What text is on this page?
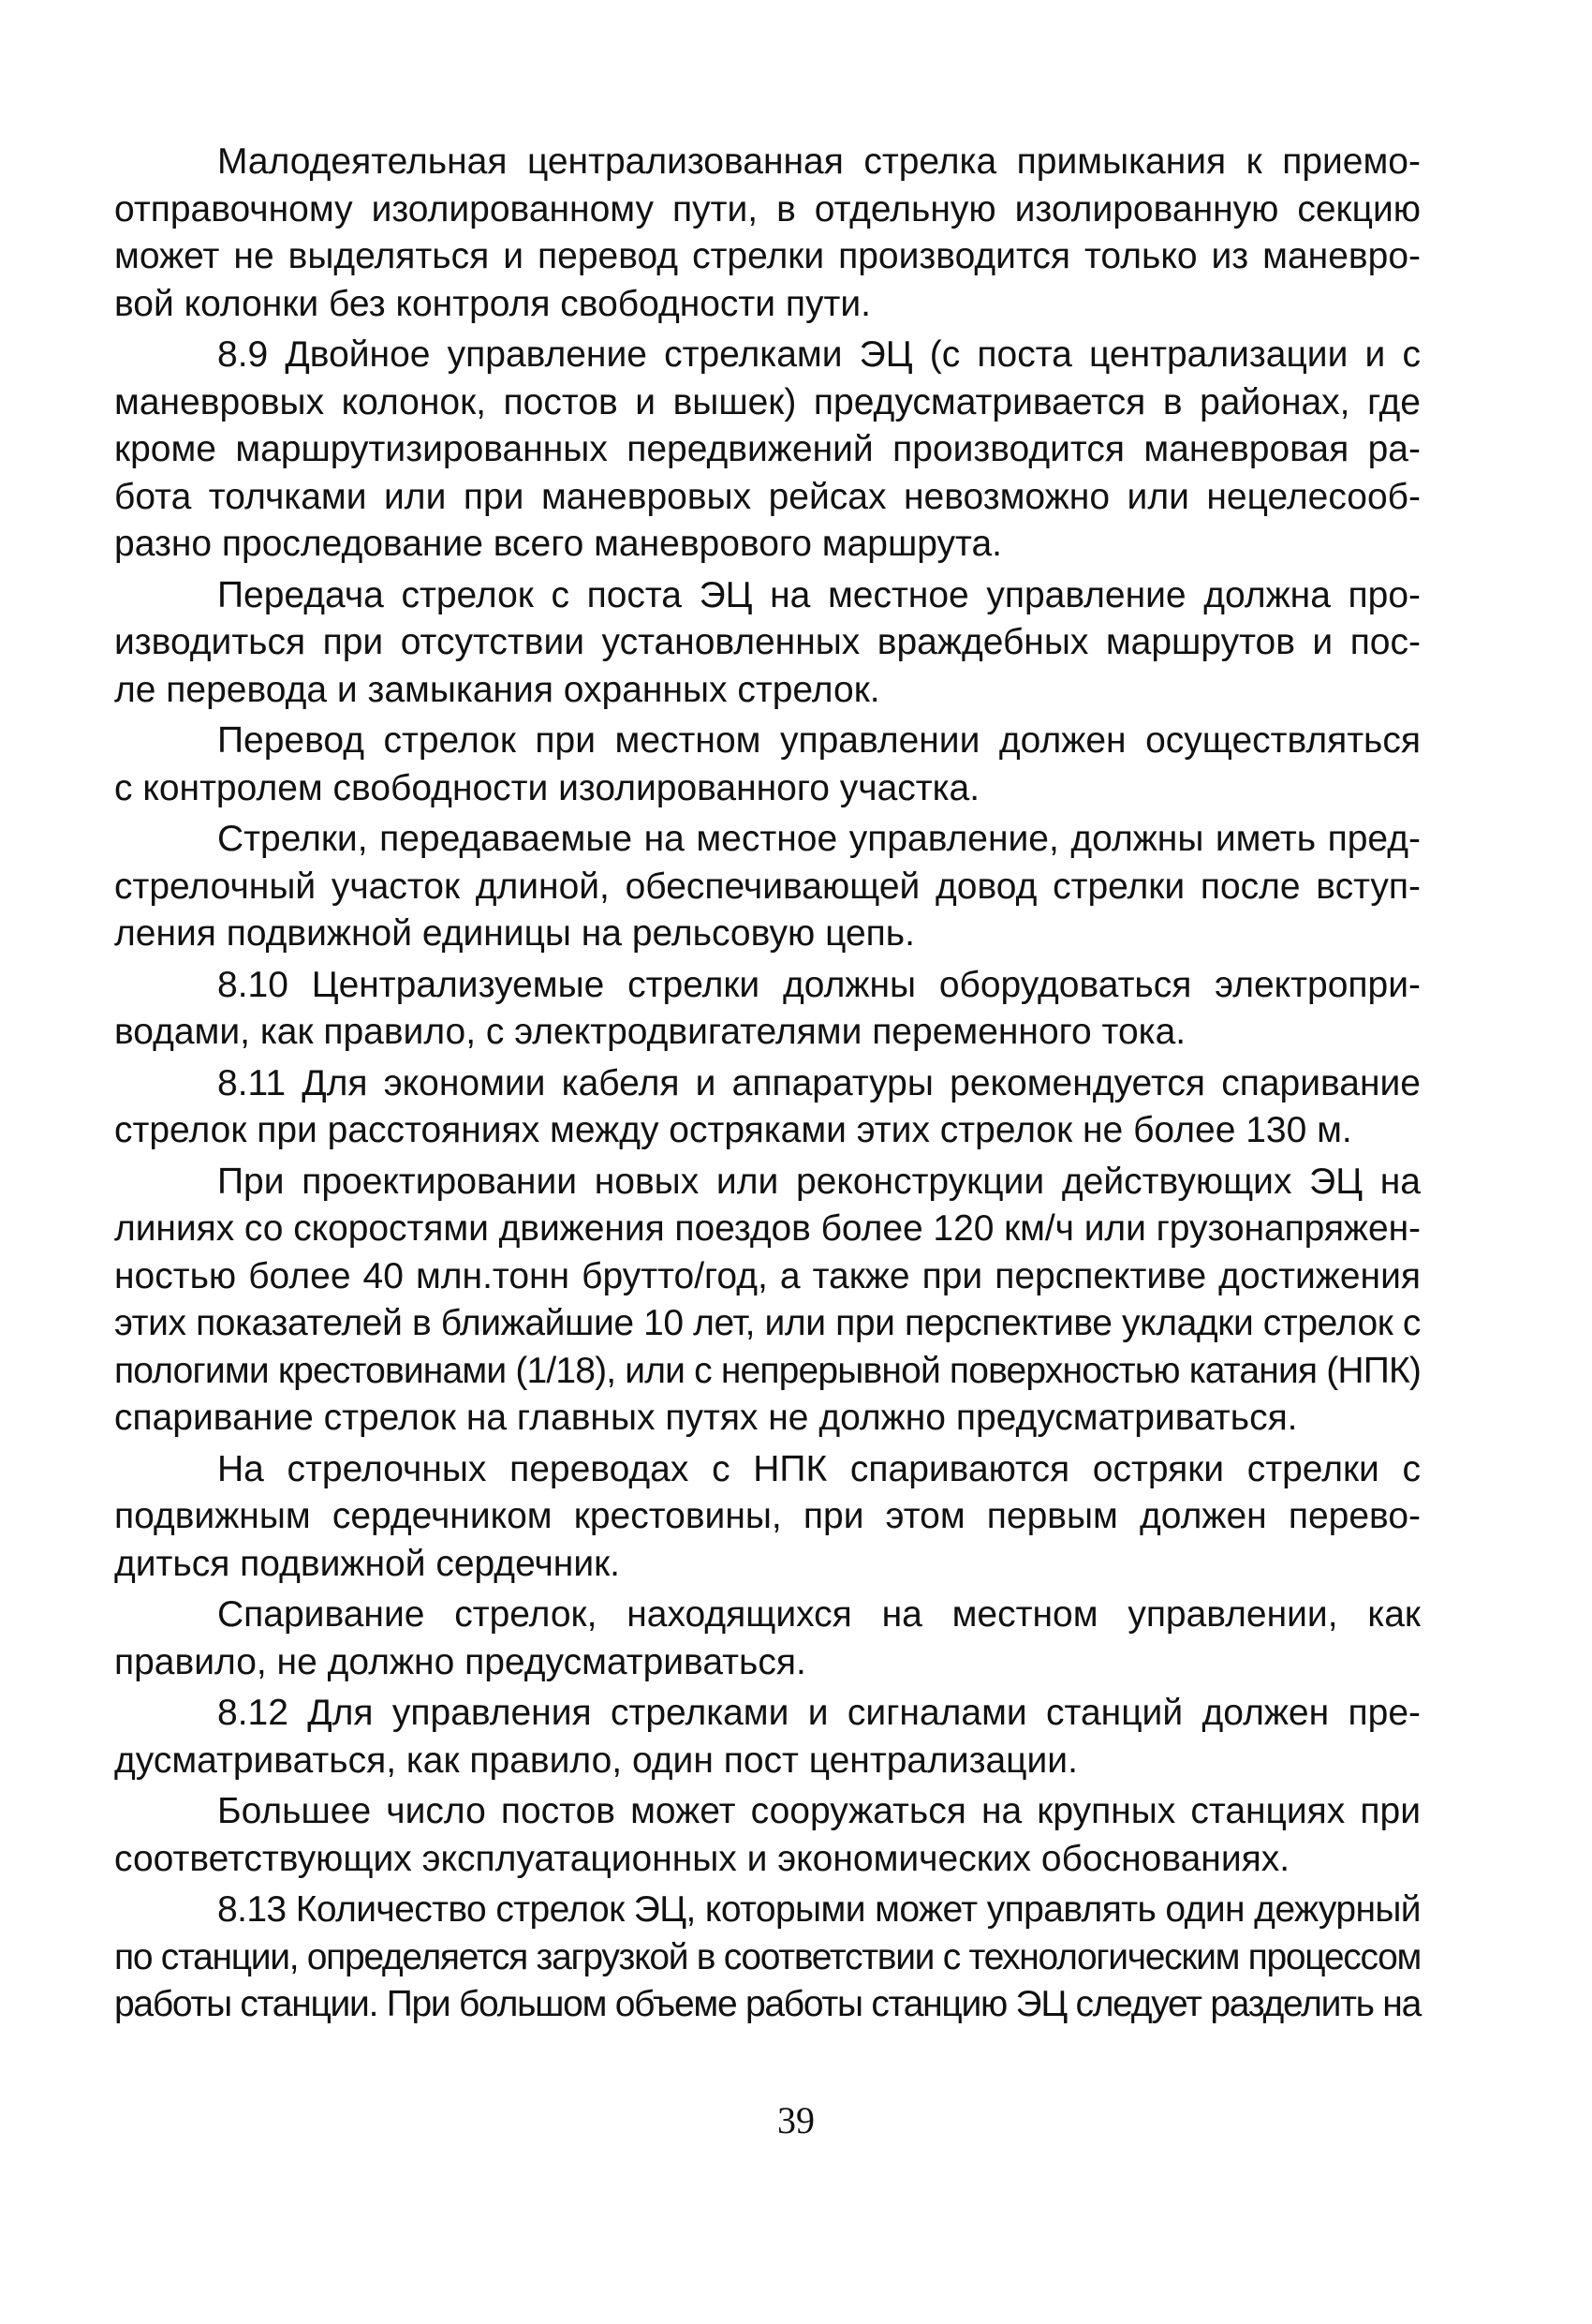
Малодеятельная централизованная стрелка примыкания к приемо-
отправочному изолированному пути, в отдельную изолированную секцию
может не выделяться и перевод стрелки производится только из маневро-
вой колонки без контроля свободности пути.
8.9 Двойное управление стрелками ЭЦ (с поста централизации и с
маневровых колонок, постов и вышек) предусматривается в районах, где
кроме маршрутизированных передвижений производится маневровая ра-
бота толчками или при маневровых рейсах невозможно или нецелесооб-
разно проследование всего маневрового маршрута.
Передача стрелок с поста ЭЦ на местное управление должна про-
изводиться при отсутствии установленных враждебных маршрутов и пос-
ле перевода и замыкания охранных стрелок.
Перевод стрелок при местном управлении должен осуществляться
с контролем свободности изолированного участка.
Стрелки, передаваемые на местное управление, должны иметь пред-
стрелочный участок длиной, обеспечивающей довод стрелки после вступ-
ления подвижной единицы на рельсовую цепь.
8.10 Централизуемые стрелки должны оборудоваться электропри-
водами, как правило, с электродвигателями переменного тока.
8.11 Для экономии кабеля и аппаратуры рекомендуется спаривание
стрелок при расстояниях между остряками этих стрелок не более 130 м.
При проектировании новых или реконструкции действующих ЭЦ на
линиях со скоростями движения поездов более 120 км/ч или грузонапряжен-
ностью более 40 млн.тонн брутто/год, а также при перспективе достижения
этих показателей в ближайшие 10 лет, или при перспективе укладки стрелок с
пологими крестовинами (1/18), или с непрерывной поверхностью катания (НПК)
спаривание стрелок на главных путях не должно предусматриваться.
На стрелочных переводах с НПК спариваются остряки стрелки с
подвижным сердечником крестовины, при этом первым должен перево-
диться подвижной сердечник.
Спаривание стрелок, находящихся на местном управлении, как
правило, не должно предусматриваться.
8.12 Для управления стрелками и сигналами станций должен пре-
дусматриваться, как правило, один пост централизации.
Большее число постов может сооружаться на крупных станциях при
соответствующих эксплуатационных и экономических обоснованиях.
8.13 Количество стрелок ЭЦ, которыми может управлять один дежурный
по станции, определяется загрузкой в соответствии с технологическим процессом
работы станции. При большом объеме работы станцию ЭЦ следует разделить на
39
